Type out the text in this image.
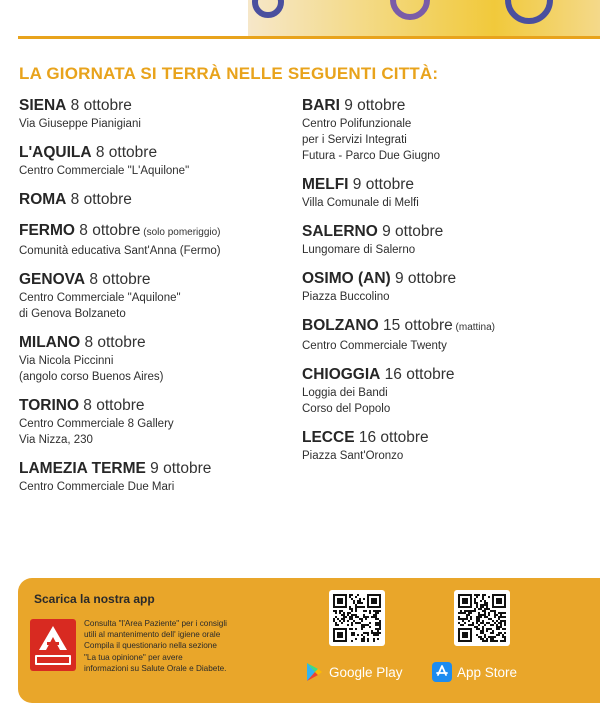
LA GIORNATA SI TERRÀ NELLE SEGUENTI CITTÀ:
SIENA 8 ottobre
Via Giuseppe Pianigiani
L'AQUILA 8 ottobre
Centro Commerciale "L'Aquilone"
ROMA 8 ottobre
FERMO 8 ottobre (solo pomeriggio)
Comunità educativa Sant'Anna (Fermo)
GENOVA 8 ottobre
Centro Commerciale "Aquilone"
di Genova Bolzaneto
MILANO 8 ottobre
Via Nicola Piccinni
(angolo corso Buenos Aires)
TORINO 8 ottobre
Centro Commerciale 8 Gallery
Via Nizza, 230
LAMEZIA TERME 9 ottobre
Centro Commerciale Due Mari
BARI 9 ottobre
Centro Polifunzionale
per i Servizi Integrati
Futura - Parco Due Giugno
MELFI 9 ottobre
Villa Comunale di Melfi
SALERNO 9 ottobre
Lungomare di Salerno
OSIMO (AN) 9 ottobre
Piazza Buccolino
BOLZANO 15 ottobre (mattina)
Centro Commerciale Twenty
CHIOGGIA 16 ottobre
Loggia dei Bandi
Corso del Popolo
LECCE 16 ottobre
Piazza Sant'Oronzo
Scarica la nostra app
Consulta "l'Area Paziente" per i consigli
utili al mantenimento dell' igiene orale
Compila il questionario nella sezione
"La tua opinione" per avere
informazioni su Salute Orale e Diabete.	Google Play	App Store
